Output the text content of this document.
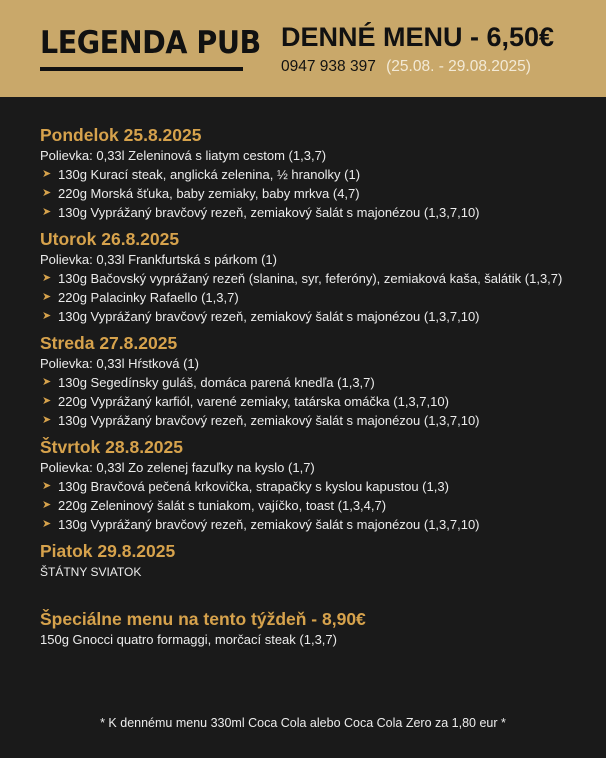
LEGENDA PUB DENNÉ MENU - 6,50€
0947 938 397 (25.08. - 29.08.2025)
Pondelok 25.8.2025
Polievka: 0,33l Zeleninová s liatym cestom (1,3,7)
➤ 130g Kurací steak, anglická zelenina, ½ hranolky (1)
➤ 220g Morská šťuka, baby zemiaky, baby mrkva (4,7)
➤ 130g Vyprážaný bravčový rezeň, zemiakový šalát s majonézou (1,3,7,10)
Utorok 26.8.2025
Polievka: 0,33l Frankfurtská s párkom (1)
➤ 130g Bačovský vyprážaný rezeň (slanina, syr, feferóny), zemiaková kaša, šalátik (1,3,7)
➤ 220g Palacinky Rafaello (1,3,7)
➤ 130g Vyprážaný bravčový rezeň, zemiakový šalát s majonézou (1,3,7,10)
Streda 27.8.2025
Polievka: 0,33l Hŕstková (1)
➤ 130g Segedínsky guláš, domáca parená knedľa (1,3,7)
➤ 220g Vyprážaný karfiól, varené zemiaky, tatárska omáčka (1,3,7,10)
➤ 130g Vyprážaný bravčový rezeň, zemiakový šalát s majonézou (1,3,7,10)
Štvrtok 28.8.2025
Polievka: 0,33l Zo zelenej fazuľky na kyslo (1,7)
➤ 130g Bravčová pečená krkovička, strapačky s kyslou kapustou (1,3)
➤ 220g Zeleninový šalát s tuniakom, vajíčko, toast (1,3,4,7)
➤ 130g Vyprážaný bravčový rezeň, zemiakový šalát s majonézou (1,3,7,10)
Piatok 29.8.2025
ŠTÁTNY SVIATOK
Špeciálne menu na tento týždeň - 8,90€
150g Gnocci quatro formaggi, morčací steak (1,3,7)
* K dennému menu 330ml Coca Cola alebo Coca Cola Zero za 1,80 eur *
